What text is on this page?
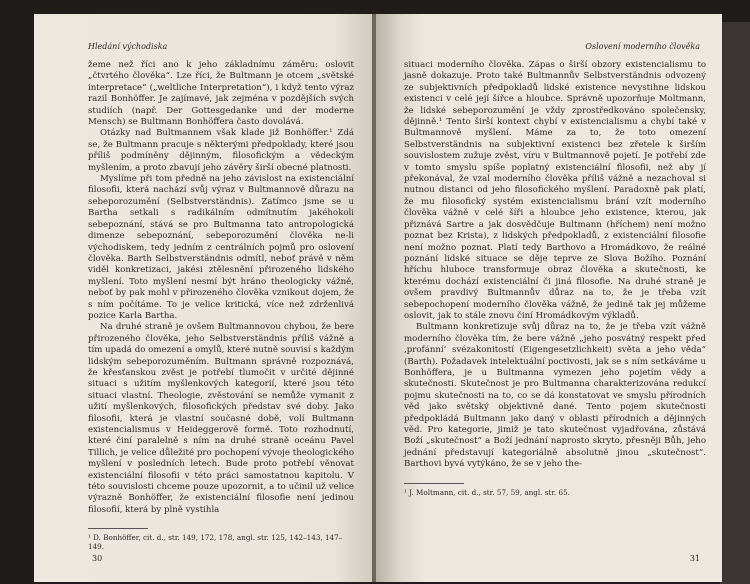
Hledání východiska

žeme než říci ano k jeho základnímu záměru: oslovit „čtvrtého člověka“. Lze říci, že Bultmann je otcem „světské interpretace“ („weltliche Interpretation“), i když tento výraz razil Bonhöffer. Je zajímavé, jak zejména v pozdějších svých studiích (např. Der Gottesgedanke und der moderne Mensch) se Bultmann Bonhöffera často dovolává.

Otázky nad Bultmannem však klade již Bonhöffer.¹ Zdá se, že Bultmann pracuje s některými předpoklady, které jsou příliš podmíněny dějinným, filosofickým a vědeckým myšlením, a proto zbavují jeho závěry širší obecné platnosti.

Myslíme při tom předně na jeho závislost na existenciální filosofii, která nachází svůj výraz v Bultmannově důrazu na sebeporozumění (Selbstverständnis). Zatímco jsme se u Bartha setkali s radikálním odmítnutím jakéhokoli sebepoznání, stává se pro Bultmanna tato antropologická dimenze sebepoznání, sebeporozumění člověka ne-li východiskem, tedy jedním z centrálních pojmů pro oslovení člověka. Barth Selbstverständnis odmítl, neboť právě v něm viděl konkretizaci, jakési ztělesnění přirozeného lidského myšlení. Toto myšlení nesmí být hráno theologicky vážně, neboť by pak mohl v přirozeného člověka vznikout dojem, že s ním počítáme. To je velice kritická, více než zdrženlivá pozice Karla Bartha.

Na druhé straně je ovšem Bultmannovou chybou, že bere přirozeného člověka, jeho Selbstverständnis příliš vážně a tím upadá do omezení a omylů, které nutně souvisí s každým lidským sebeporozuměním. Bultmann správně rozpoznává, že křesťanskou zvěst je potřebí tlumočit v určité dějinné situaci s užitím myšlenkových kategorií, které jsou této situaci vlastní. Theologie, zvěstování se nemůže vymanit z užití myšlenkových, filosofických představ své doby. Jako filosofii, která je vlastní současné době, volí Bultmann existencialismus v Heideggerově formě. Toto rozhodnutí, které činí paralelně s ním na druhé straně oceánu Pavel Tillich, je velice důležité pro pochopení vývoje theologického myšlení v posledních letech. Bude proto potřebí věnovat existenciální filosofii v této práci samostatnou kapitolu. V této souvislosti chceme pouze upozornit, a to učinil už velice výrazně Bonhöffer, že existenciální filosofie není jedinou filosofií, která by plně vystihla

¹ D. Bonhöffer, cit. d., str. 149, 172, 178, angl. str. 125, 142–143, 147–149.
30
Oslovení moderního člověka

situaci moderního člověka. Zápas o širší obzory existencialismu to jasně dokazuje. Proto také Bultmannův Selbstverständnis odvozený ze subjektivních předpokladů lidské existence nevystihne lidskou existenci v celé její šířce a hloubce. Správně upozorňuje Moltmann, že lidské sebeporozumění je vždy zprostředkováno společensky, dějinně.¹ Tento širší kontext chybí v existencialismu a chybí také v Bultmannově myšlení. Máme za to, že toto omezení Selbstverständnis na subjektivní existenci bez zřetele k širším souvislostem zužuje zvěst, víru v Bultmannově pojetí. Je potřebí zde v tomto smyslu spíše poplatný existenciální filosofii, než aby jí překonával, že vzal moderního člověka příliš vážně a nezachoval si nutnou distanci od jeho filosofického myšlení. Paradoxně pak platí, že mu filosofický systém existencialismu brání vzít moderního člověka vážně v celé šíři a hloubce jeho existence, kterou, jak přiznává Sartre a jak dosvědčuje Bultmann (hříchem) není možno poznat bez Krista), z lidských předpokladů, z existenciální filosofie není možno poznat. Platí tedy Barthovo a Hromádkovo, že reálné poznání lidské situace se děje teprve ze Slova Božího. Poznání hříchu hluboce transformuje obraz člověka a skutečnosti, ke kterému dochází existenciální či jiná filosofie. Na druhé straně je ovšem pravdivý Bultmannův důraz na to, že je třeba vzít sebepochopení moderního člověka vážně, že jedině tak jej můžeme oslovit, jak to stále znovu činí Hromádkovým výkladů.

Bultmann konkretizuje svůj důraz na to, že je třeba vzít vážně moderního člověka tím, že bere vážně „jeho posvátný respekt před ‚profánní‘ svézakonitostí (Eigengesetzlichkeit) světa a jeho věda“ (Barth). Požadavek intelektuální poctivosti, jak se s ním setkáváme u Bonhöffera, je u Bultmanna vymezen jeho pojetím vědy a skutečnosti. Skutečnost je pro Bultmanna charakterizována redukcí pojmu skutečnosti na to, co se dá konstatovat ve smyslu přírodních věd jako světský objektivně dané. Tento pojem skutečnosti předpokládá Bultmann jako daný v oblasti přírodních a dějinných věd. Pro kategorie, jimiž je tato skutečnost vyjadřována, zůstává Boží „skutečnost“ a Boží jednání naprosto skryto, přesněji Bůh, jeho jednání představují kategoriálně absolutně jinou „skutečnost“. Barthovi byvá vytýkáno, že se v jeho the-

¹ J. Moltmann, cit. d., str. 57, 59, angl. str. 65.
31
